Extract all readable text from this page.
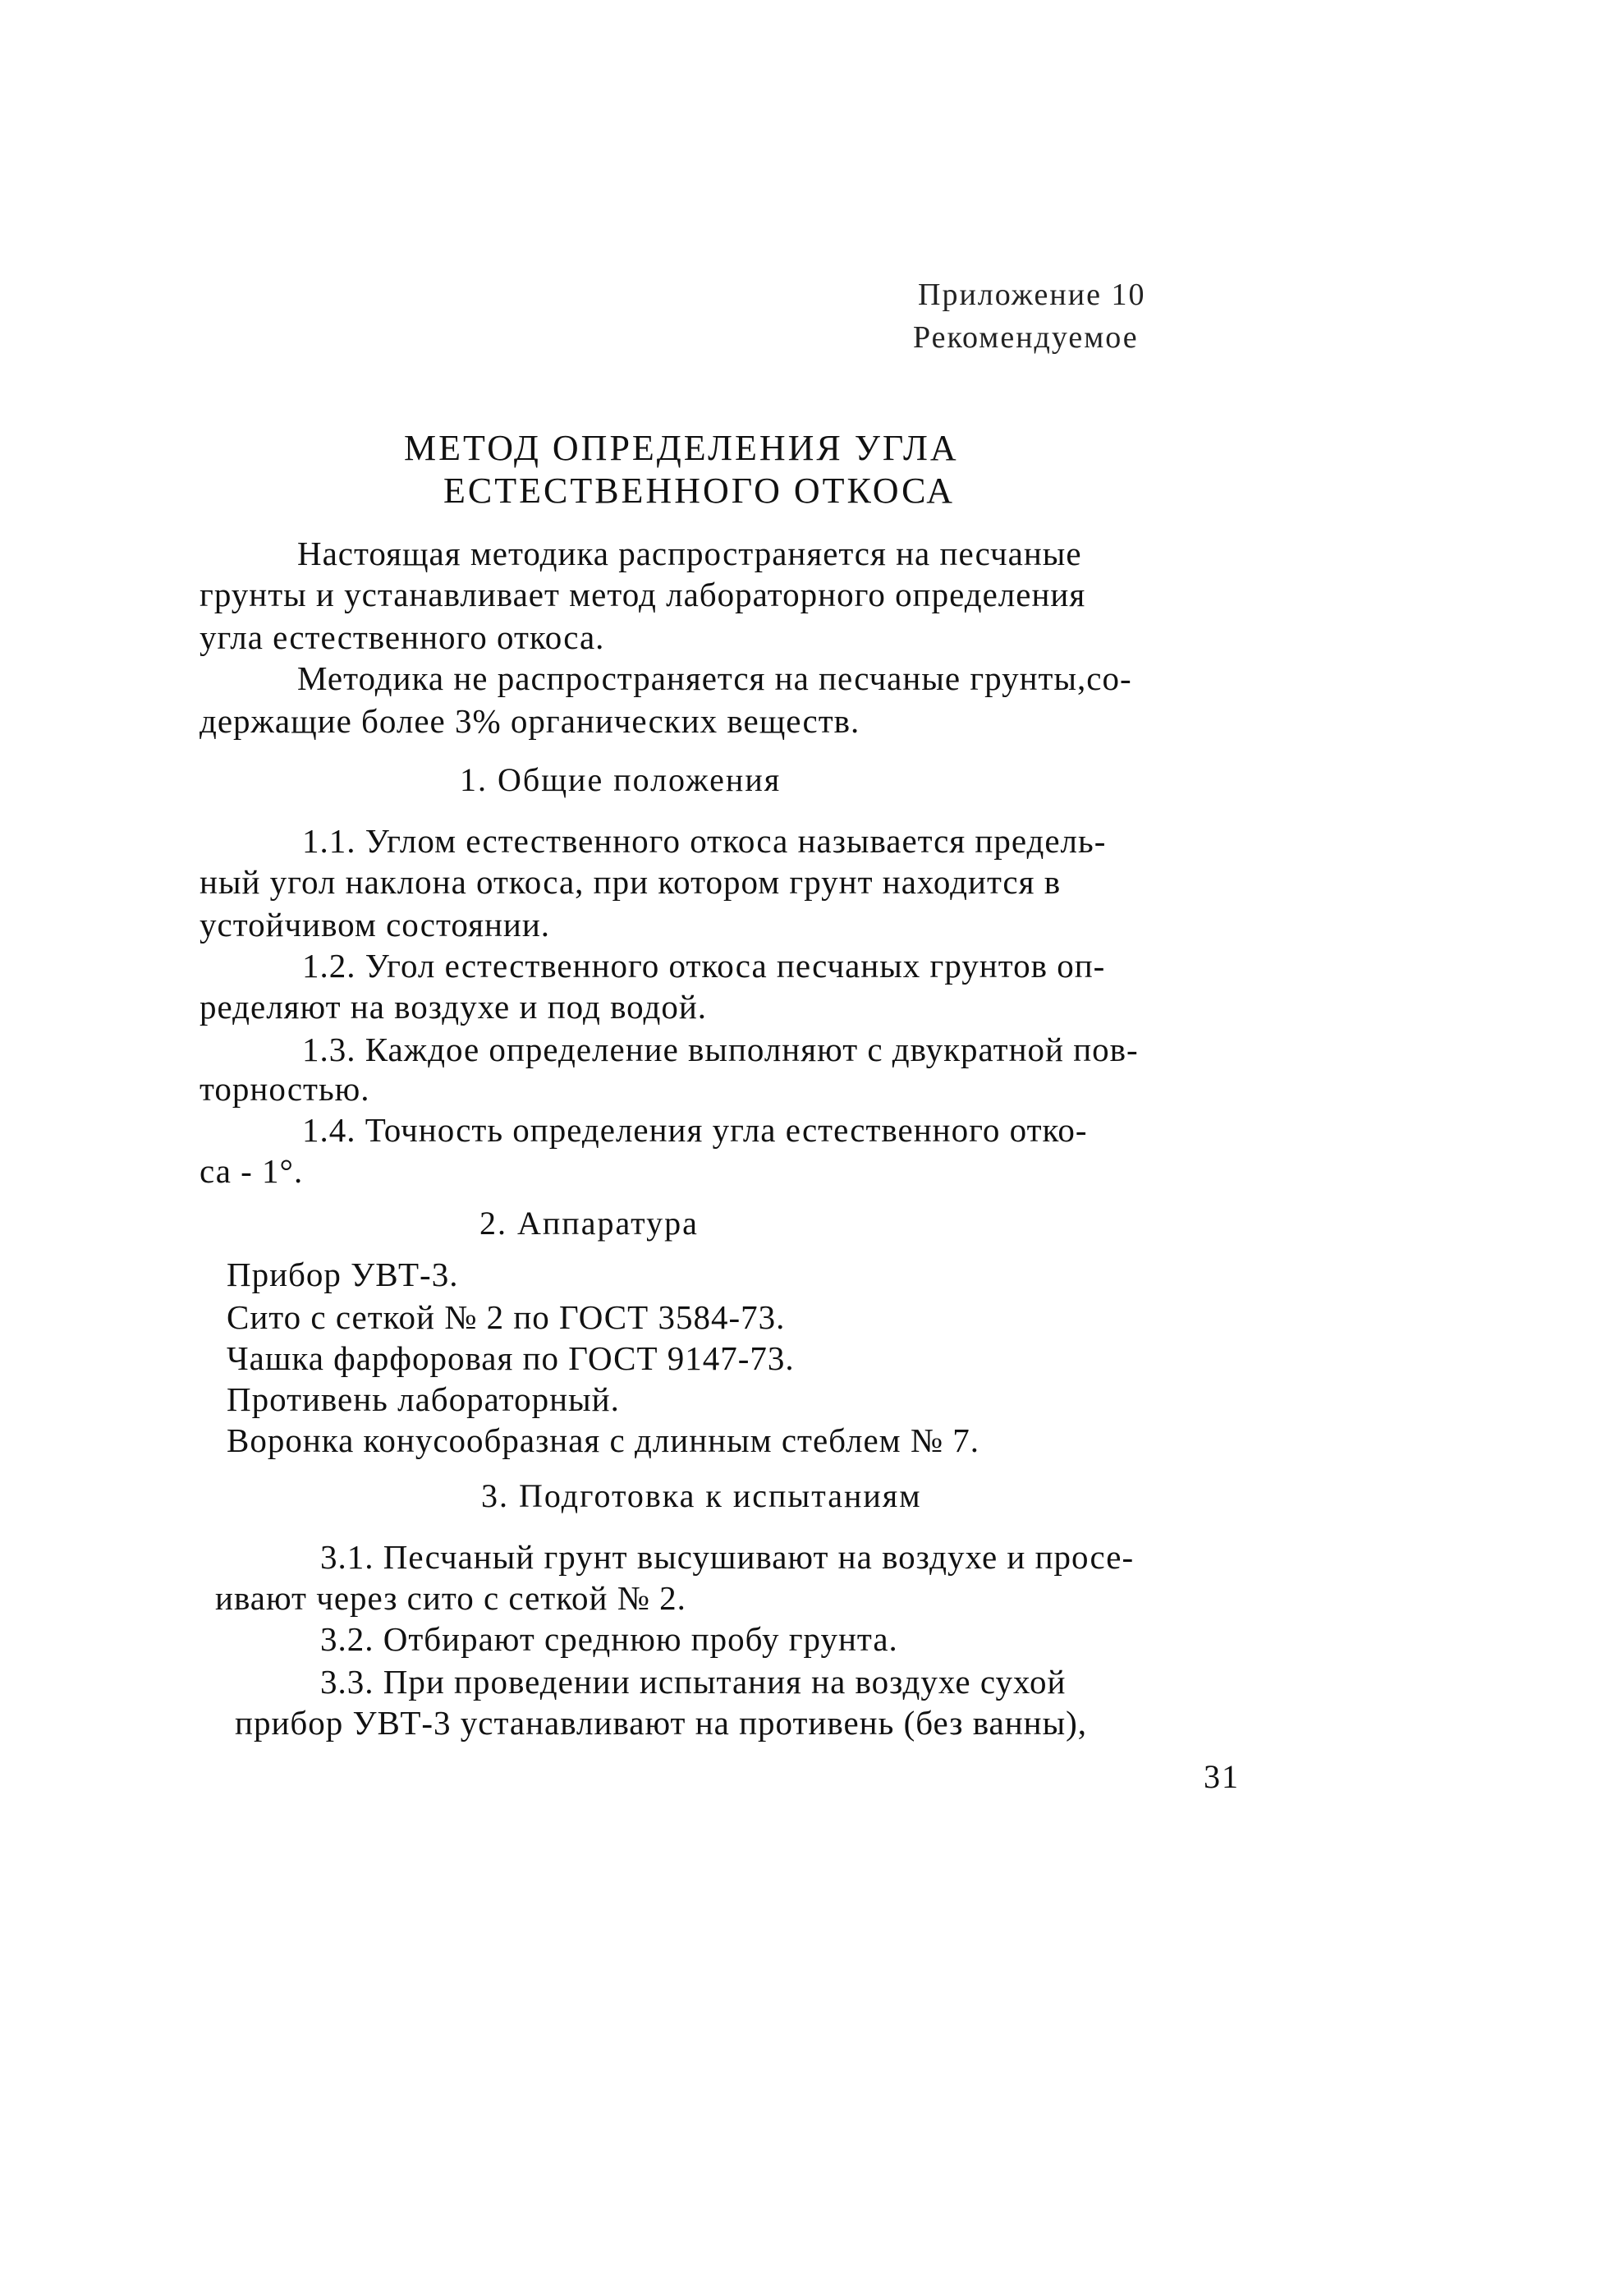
Приложение 10
Рекомендуемое
МЕТОД ОПРЕДЕЛЕНИЯ УГЛА
ЕСТЕСТВЕННОГО ОТКОСА
Настоящая методика распространяется на песчаные
грунты и устанавливает метод лабораторного определения
угла естественного откоса.
Методика не распространяется на песчаные грунты,со-
держащие более 3% органических веществ.
1. Общие положения
1.1. Углом естественного откоса называется предель-
ный угол наклона откоса, при котором грунт находится в
устойчивом состоянии.
1.2. Угол естественного откоса песчаных грунтов оп-
ределяют на воздухе и под водой.
1.3. Каждое определение выполняют с двукратной пов-
торностью.
1.4. Точность определения угла естественного отко-
са - 1°.
2. Аппаратура
Прибор УВТ-3.
Сито с сеткой № 2 по ГОСТ 3584-73.
Чашка фарфоровая по ГОСТ 9147-73.
Противень лабораторный.
Воронка конусообразная с длинным стеблем № 7.
3. Подготовка к испытаниям
3.1. Песчаный грунт высушивают на воздухе и просе-
ивают через сито с сеткой № 2.
3.2. Отбирают среднюю пробу грунта.
3.3. При проведении испытания на воздухе сухой
прибор УВТ-3 устанавливают на противень (без ванны),
31
